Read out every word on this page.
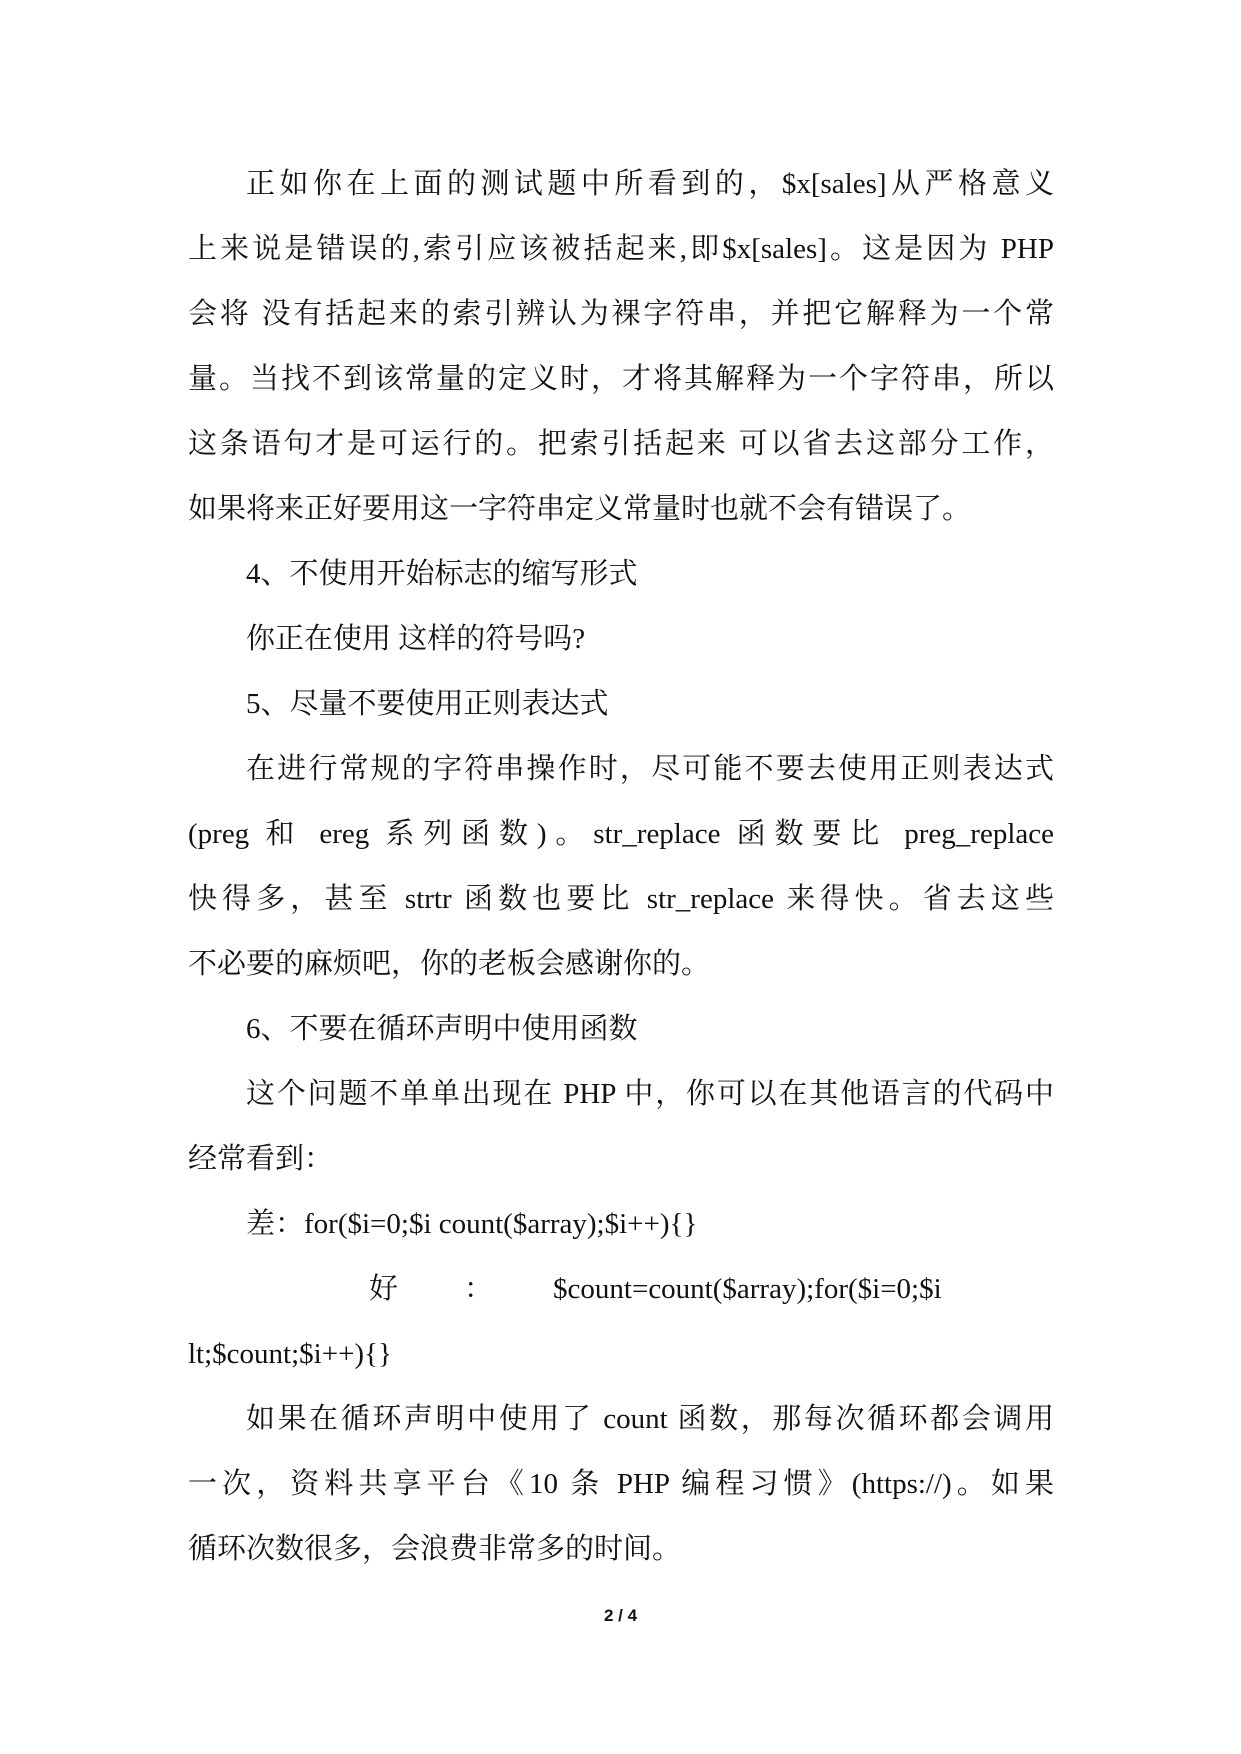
正如你在上面的测试题中所看到的，$x[sales]从严格意义
上来说是错误的,索引应该被括起来,即$x[sales]。这是因为 PHP
会将 没有括起来的索引辨认为裸字符串，并把它解释为一个常
量。当找不到该常量的定义时，才将其解释为一个字符串，所以
这条语句才是可运行的。把索引括起来 可以省去这部分工作，
如果将来正好要用这一字符串定义常量时也就不会有错误了。
4、不使用开始标志的缩写形式
你正在使用 这样的符号吗?
5、尽量不要使用正则表达式
在进行常规的字符串操作时，尽可能不要去使用正则表达式
(preg 和 ereg 系列函数)。str_replace 函数要比 preg_replace
快得多，甚至 strtr 函数也要比 str_replace 来得快。省去这些
不必要的麻烦吧，你的老板会感谢你的。
6、不要在循环声明中使用函数
这个问题不单单出现在 PHP 中，你可以在其他语言的代码中
经常看到：
差：for($i=0;$i count($array);$i++){}
好 ： $count=count($array);for($i=0;$i
lt;$count;$i++){}
如果在循环声明中使用了 count 函数，那每次循环都会调用
一次，资料共享平台《10 条 PHP 编程习惯》(https://)。如果
循环次数很多，会浪费非常多的时间。
2 / 4
